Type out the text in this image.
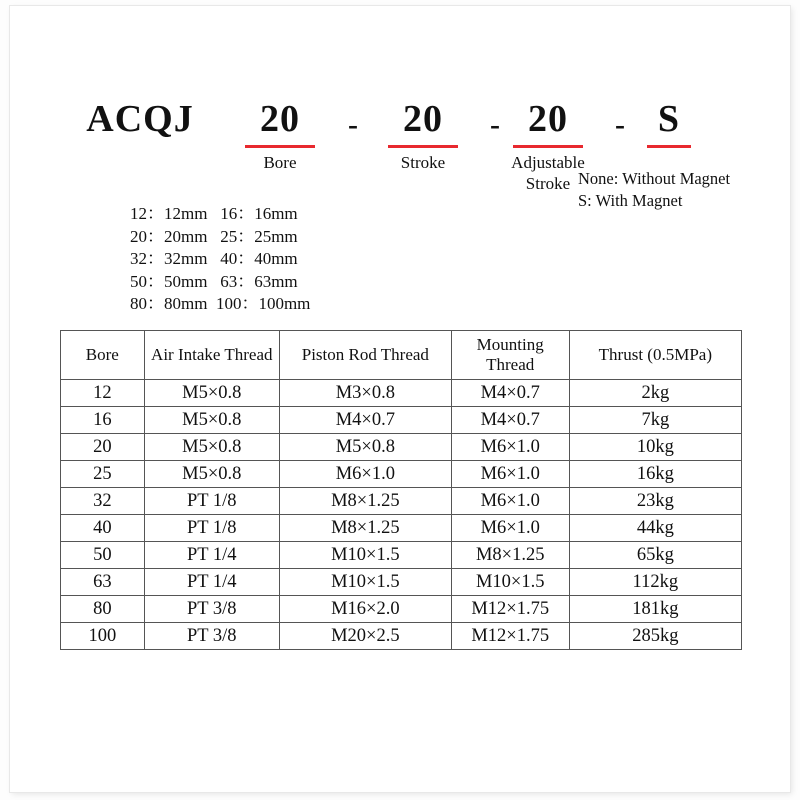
ACQJ	-	-	-
20
Bore
20
Stroke
20
Adjustable Stroke
S
None: Without Magnet
S: With Magnet
12：12mm   16：16mm
20：20mm   25：25mm
32：32mm   40：40mm
50：50mm   63：63mm
80：80mm  100：100mm
Bore	Air Intake Thread	Piston Rod Thread	Mounting Thread	Thrust (0.5MPa)
12	M5×0.8	M3×0.8	M4×0.7	2kg
16	M5×0.8	M4×0.7	M4×0.7	7kg
20	M5×0.8	M5×0.8	M6×1.0	10kg
25	M5×0.8	M6×1.0	M6×1.0	16kg
32	PT 1/8	M8×1.25	M6×1.0	23kg
40	PT 1/8	M8×1.25	M6×1.0	44kg
50	PT 1/4	M10×1.5	M8×1.25	65kg
63	PT 1/4	M10×1.5	M10×1.5	112kg
80	PT 3/8	M16×2.0	M12×1.75	181kg
100	PT 3/8	M20×2.5	M12×1.75	285kg
